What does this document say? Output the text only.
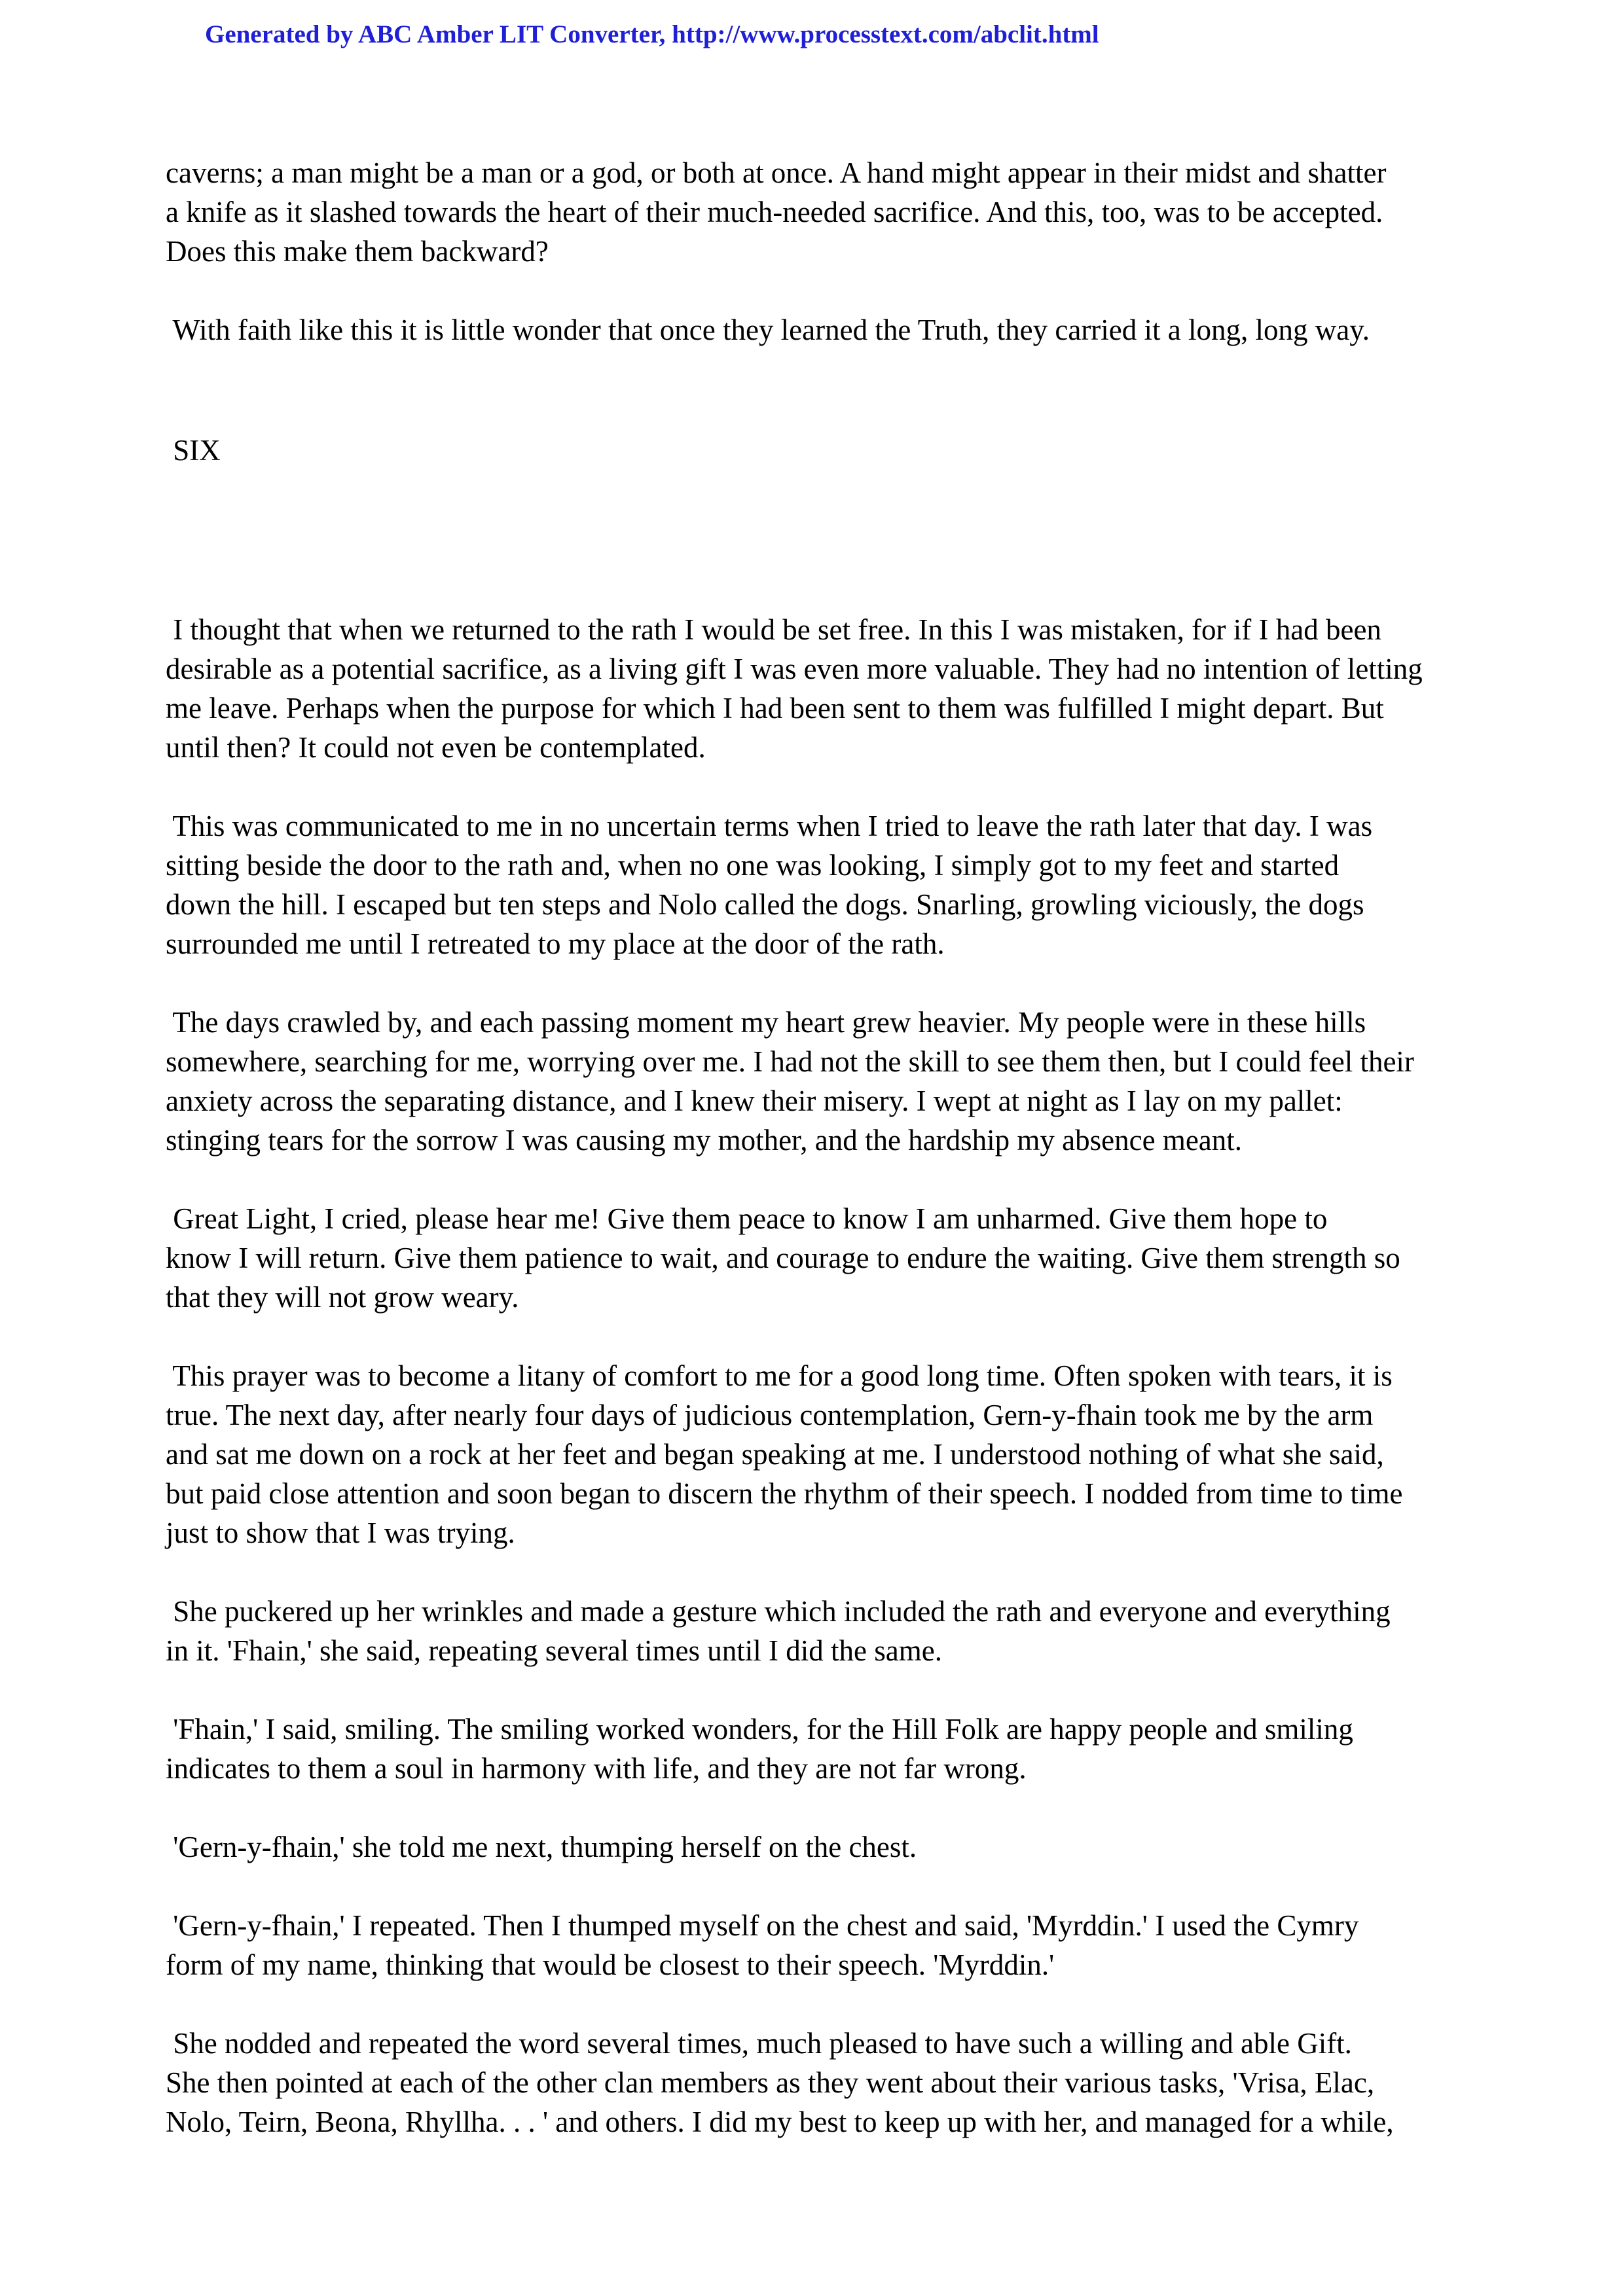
Generated by ABC Amber LIT Converter, http://www.processtext.com/abclit.html
caverns; a man might be a man or a god, or both at once. A hand might appear in their midst and shatter
a knife as it slashed towards the heart of their much-needed sacrifice. And this, too, was to be accepted.
Does this make them backward?
With faith like this it is little wonder that once they learned the Truth, they carried it a long, long way.
SIX
I thought that when we returned to the rath I would be set free. In this I was mistaken, for if I had been
desirable as a potential sacrifice, as a living gift I was even more valuable. They had no intention of letting
me leave. Perhaps when the purpose for which I had been sent to them was fulfilled I might depart. But
until then? It could not even be contemplated.
This was communicated to me in no uncertain terms when I tried to leave the rath later that day. I was
sitting beside the door to the rath and, when no one was looking, I simply got to my feet and started
down the hill. I escaped but ten steps and Nolo called the dogs. Snarling, growling viciously, the dogs
surrounded me until I retreated to my place at the door of the rath.
The days crawled by, and each passing moment my heart grew heavier. My people were in these hills
somewhere, searching for me, worrying over me. I had not the skill to see them then, but I could feel their
anxiety across the separating distance, and I knew their misery. I wept at night as I lay on my pallet:
stinging tears for the sorrow I was causing my mother, and the hardship my absence meant.
Great Light, I cried, please hear me! Give them peace to know I am unharmed. Give them hope to
know I will return. Give them patience to wait, and courage to endure the waiting. Give them strength so
that they will not grow weary.
This prayer was to become a litany of comfort to me for a good long time. Often spoken with tears, it is
true. The next day, after nearly four days of judicious contemplation, Gern-y-fhain took me by the arm
and sat me down on a rock at her feet and began speaking at me. I understood nothing of what she said,
but paid close attention and soon began to discern the rhythm of their speech. I nodded from time to time
just to show that I was trying.
She puckered up her wrinkles and made a gesture which included the rath and everyone and everything
in it. 'Fhain,' she said, repeating several times until I did the same.
'Fhain,' I said, smiling. The smiling worked wonders, for the Hill Folk are happy people and smiling
indicates to them a soul in harmony with life, and they are not far wrong.
'Gern-y-fhain,' she told me next, thumping herself on the chest.
'Gern-y-fhain,' I repeated. Then I thumped myself on the chest and said, 'Myrddin.' I used the Cymry
form of my name, thinking that would be closest to their speech. 'Myrddin.'
She nodded and repeated the word several times, much pleased to have such a willing and able Gift.
She then pointed at each of the other clan members as they went about their various tasks, 'Vrisa, Elac,
Nolo, Teirn, Beona, Rhyllha. . . ' and others. I did my best to keep up with her, and managed for a while,
